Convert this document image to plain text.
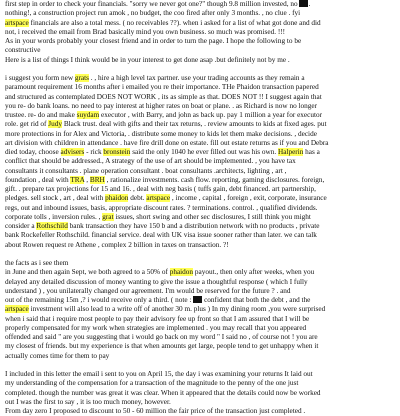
first step in order to check your financials. "sorry we never got one?" though 9.8 million invested, no .
nothing!, a construction project run amok , no budget, the coo fired after only 3 months. , no clue . fyi
artspace financials are also a total mess. ( no receivables ??). when i asked for a list of what got done and did
not, i received the email from Brad basically mind you own business. so much was promised. !!!
As in your words probably your closest friend and in order to turn the page. I hope the following to be
constructive
Here is a list of things I think would be in your interest to get done asap .but definitely not by me .
i suggest you form new grats . , hire a high level tax partner. use your trading accounts as they remain a
paramount requirement 16 months after i emailed you re their importance. THe Phaidon transaction papered
and structured as contemplated DOES NOT WORK , its as simple as that. DOES NOT !! I suggest again that
you re- do bank loans. no need to pay interest at higher rates on boat or plane. . as Richard is now no longer
trustee. re- do and make suydam executor , with Barry, and john as back up. pay 1 million a year for executor
role. get rid of Judy Black trust. deal with gifts and their tax returns, . review amounts to kids at fixed ages. put
more protections in for Alex and Victoria, . distribute some money to kids let them make decisions. , decide
art division with children in attendance . have fire drill done on estate. fill out estate returns as if you and Debra
died today, choose advisers - rick bronstein said the only 1040 he ever filled out was his own. Halperin has a
conflict that should be addressed., A strategy of the use of art should be implemented. , you have tax
consultants it consultants . plane operation consultant . boat consultants .architects, lighting , art ,
foundation , deal with TRA , BRH , rationalize investments. cash flow. reporting, gaming disclosures. foreign,
gift. . prepare tax projections for 15 and 16. , deal with neg basis ( tuffs gain, debt financed. art partnership,
pledges. sell stock , art , deal with phaidon debt. artspace , income , capital , foreign , exit, corporate, insurance
regs, out and inbound issues, basis, appropriate discount rates. ? terminations. control. , qualified dividends.
corporate tolls , inversion rules. , grat issues, short swing and other sec disclosures, I still think you might
consider a Rothschild bank transaction they have 150 b and a distribution network with no products , private
bank Rockefeller Rothschild. financial service. deal with UK visa issue sooner rather than later. we can talk
about Rowen request re Athene , complex 2 billion in taxes on transaction. ?!
the facts as i see them
in June and then again Sept, we both agreed to a 50% of phaidon payout., then only after weeks, when you
delayed any detailed discussion of money wanting to give the issue a thoughtful response ( which I fully
understand ) , you unilaterally changed our agreement. I'm would be reserved for the future ? . and
out of the remaining 15m ,? i would receive only a third. ( note :  confident that both the debt , and the
artspace investment will also lead to a write off of another 30 m. plus ) In my dining room ,you were surprised
when i said that i require most people to pay their advisory fee up front so that I am assured that I will be
properly compensated for my work when strategies are implemented . you may recall that you appeared
offended and said " are you suggesting that i would go back on my word " I said no , of course not ! you are
my closest of friends. but my experience is that when amounts get large, people tend to get unhappy when it
actually comes time for them to pay
I included in this letter the email i sent to you on April 15, the day i was examining your returns It laid out
my understanding of the compensation for a transaction of the magnitude to the penny of the one just
completed. though the number was great it was clear. When it appeared that the details could now be worked
out I was the first to say , it is too much money, however.
From day zero I proposed to discount to 50 - 60 million the fair price of the transaction just completed .
